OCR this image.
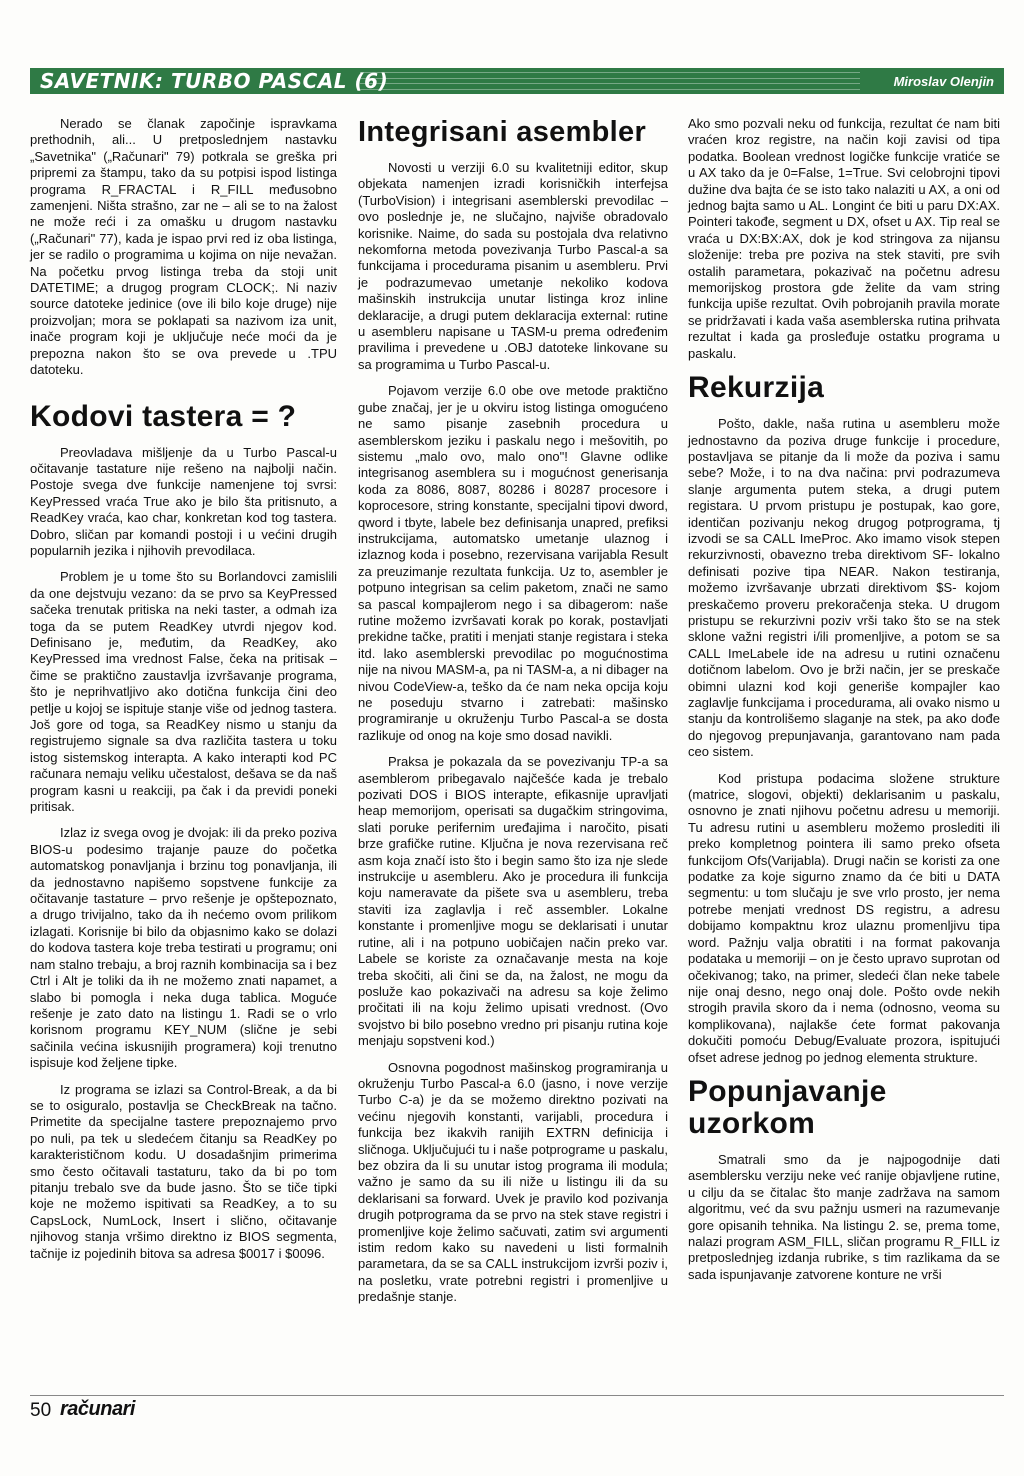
SAVETNIK: TURBO PASCAL (6)	Miroslav Olenjin

Nerado se članak započinje ispravkama prethodnih, ali... U pretposlednjem nastavku „Savetnika" („Računari" 79) potkrala se greška pri pripremi za štampu, tako da su potpisi ispod listinga programa R_FRACTAL i R_FILL međusobno zamenjeni. Ništa strašno, zar ne – ali se to na žalost ne može reći i za omašku u drugom nastavku („Računari" 77), kada je ispao prvi red iz oba listinga, jer se radilo o programima u kojima on nije nevažan. Na početku prvog listinga treba da stoji unit DATETIME; a drugog program CLOCK;. Ni naziv source datoteke jedinice (ove ili bilo koje druge) nije proizvoljan; mora se poklapati sa nazivom iza unit, inače program koji je uključuje neće moći da je prepozna nakon što se ova prevede u .TPU datoteku.

Kodovi tastera = ?

Preovladava mišljenje da u Turbo Pascal-u očitavanje tastature nije rešeno na najbolji način. Postoje svega dve funkcije namenjene toj svrsi: KeyPressed vraća True ako je bilo šta pritisnuto, a ReadKey vraća, kao char, konkretan kod tog tastera. Dobro, sličan par komandi postoji i u većini drugih popularnih jezika i njihovih prevodilaca.

Problem je u tome što su Borlandovci zamislili da one dejstvuju vezano: da se prvo sa KeyPressed sačeka trenutak pritiska na neki taster, a odmah iza toga da se putem ReadKey utvrdi njegov kod. Definisano je, međutim, da ReadKey, ako KeyPressed ima vrednost False, čeka na pritisak – čime se praktično zaustavlja izvršavanje programa, što je neprihvatljivo ako dotična funkcija čini deo petlje u kojoj se ispituje stanje više od jednog tastera. Još gore od toga, sa ReadKey nismo u stanju da registrujemo signale sa dva različita tastera u toku istog sistemskog interapta. A kako interapti kod PC računara nemaju veliku učestalost, dešava se da naš program kasni u reakciji, pa čak i da previdi poneki pritisak.

Izlaz iz svega ovog je dvojak: ili da preko poziva BIOS-u podesimo trajanje pauze do početka automatskog ponavljanja i brzinu tog ponavljanja, ili da jednostavno napišemo sopstvene funkcije za očitavanje tastature – prvo rešenje je opštepoznato, a drugo trivijalno, tako da ih nećemo ovom prilikom izlagati. Korisnije bi bilo da objasnimo kako se dolazi do kodova tastera koje treba testirati u programu; oni nam stalno trebaju, a broj raznih kombinacija sa i bez Ctrl i Alt je toliki da ih ne možemo znati napamet, a slabo bi pomogla i neka duga tablica. Moguće rešenje je zato dato na listingu 1. Radi se o vrlo korisnom programu KEY_NUM (slične je sebi sačinila većina iskusnijih programera) koji trenutno ispisuje kod željene tipke.

Iz programa se izlazi sa Control-Break, a da bi se to osiguralo, postavlja se CheckBreak na tačno. Primetite da specijalne tastere prepoznajemo prvo po nuli, pa tek u sledećem čitanju sa ReadKey po karakterističnom kodu. U dosadašnjim primerima smo često očitavali tastaturu, tako da bi po tom pitanju trebalo sve da bude jasno. Što se tiče tipki koje ne možemo ispitivati sa ReadKey, a to su CapsLock, NumLock, Insert i slično, očitavanje njihovog stanja vršimo direktno iz BIOS segmenta, tačnije iz pojedinih bitova sa adresa $0017 i $0096.

Integrisani asembler

Novosti u verziji 6.0 su kvalitetniji editor, skup objekata namenjen izradi korisničkih interfejsa (TurboVision) i integrisani asemblerski prevodilac – ovo poslednje je, ne slučajno, najviše obradovalo korisnike. Naime, do sada su postojala dva relativno nekomforna metoda povezivanja Turbo Pascal-a sa funkcijama i procedurama pisanim u asembleru. Prvi je podrazumevao umetanje nekoliko kodova mašinskih instrukcija unutar listinga kroz inline deklaracije, a drugi putem deklaracija external: rutine u asembleru napisane u TASM-u prema određenim pravilima i prevedene u .OBJ datoteke linkovane su sa programima u Turbo Pascal-u.

Pojavom verzije 6.0 obe ove metode praktično gube značaj, jer je u okviru istog listinga omogućeno ne samo pisanje zasebnih procedura u asemblerskom jeziku i paskalu nego i mešovitih, po sistemu „malo ovo, malo ono"! Glavne odlike integrisanog asemblera su i mogućnost generisanja koda za 8086, 8087, 80286 i 80287 procesore i koprocesore, string konstante, specijalni tipovi dword, qword i tbyte, labele bez definisanja unapred, prefiksi instrukcijama, automatsko umetanje ulaznog i izlaznog koda i posebno, rezervisana varijabla Result za preuzimanje rezultata funkcija. Uz to, asembler je potpuno integrisan sa celim paketom, znači ne samo sa pascal kompajlerom nego i sa dibagerom: naše rutine možemo izvršavati korak po korak, postavljati prekidne tačke, pratiti i menjati stanje registara i steka itd. lako asemblerski prevodilac po mogućnostima nije na nivou MASM-a, pa ni TASM-a, a ni dibager na nivou CodeView-a, teško da će nam neka opcija koju ne poseduju stvarno i zatrebati: mašinsko programiranje u okruženju Turbo Pascal-a se dosta razlikuje od onog na koje smo dosad navikli.

Praksa je pokazala da se povezivanju TP-a sa asemblerom pribegavalo najčešće kada je trebalo pozivati DOS i BIOS interapte, efikasnije upravljati heap memorijom, operisati sa dugačkim stringovima, slati poruke perifernim uređajima i naročito, pisati brze grafičke rutine. Ključna je nova rezervisana reč asm koja značí isto što i begin samo što iza nje slede instrukcije u asembleru. Ako je procedura ili funkcija koju nameravate da pišete sva u asembleru, treba staviti iza zaglavlja i reč assembler. Lokalne konstante i promenljive mogu se deklarisati i unutar rutine, ali i na potpuno uobičajen način preko var. Labele se koriste za označavanje mesta na koje treba skočiti, ali čini se da, na žalost, ne mogu da posluže kao pokazivači na adresu sa koje želimo pročitati ili na koju želimo upisati vrednost. (Ovo svojstvo bi bilo posebno vredno pri pisanju rutina koje menjaju sopstveni kod.)

Osnovna pogodnost mašinskog programiranja u okruženju Turbo Pascal-a 6.0 (jasno, i nove verzije Turbo C-a) je da se možemo direktno pozivati na većinu njegovih konstanti, varijabli, procedura i funkcija bez ikakvih ranijih EXTRN definicija i sličnoga. Uključujući tu i naše potprograme u paskalu, bez obzira da li su unutar istog programa ili modula; važno je samo da su ili niže u listingu ili da su deklarisani sa forward. Uvek je pravilo kod pozivanja drugih potprograma da se prvo na stek stave registri i promenljive koje želimo sačuvati, zatim svi argumenti istim redom kako su navedeni u listi formalnih parametara, da se sa CALL instrukcijom izvrši poziv i, na posletku, vrate potrebni registri i promenljive u predašnje stanje.

Ako smo pozvali neku od funkcija, rezultat će nam biti vraćen kroz registre, na način koji zavisi od tipa podatka. Boolean vrednost logičke funkcije vratiće se u AX tako da je 0=False, 1=True. Svi celobrojni tipovi dužine dva bajta će se isto tako nalaziti u AX, a oni od jednog bajta samo u AL. Longint će biti u paru DX:AX. Pointeri takođe, segment u DX, ofset u AX. Tip real se vraća u DX:BX:AX, dok je kod stringova za nijansu složenije: treba pre poziva na stek staviti, pre svih ostalih parametara, pokazivač na početnu adresu memorijskog prostora gde želite da vam string funkcija upiše rezultat. Ovih pobrojanih pravila morate se pridržavati i kada vaša asemblerska rutina prihvata rezultat i kada ga prosleđuje ostatku programa u paskalu.

Rekurzija

Pošto, dakle, naša rutina u asembleru može jednostavno da poziva druge funkcije i procedure, postavljava se pitanje da li može da poziva i samu sebe? Može, i to na dva načina: prvi podrazumeva slanje argumenta putem steka, a drugi putem registara. U prvom pristupu je postupak, kao gore, identičan pozivanju nekog drugog potprograma, tj izvodi se sa CALL ImeProc. Ako imamo visok stepen rekurzivnosti, obavezno treba direktivom SF- lokalno definisati pozive tipa NEAR. Nakon testiranja, možemo izvršavanje ubrzati direktivom $S- kojom preskačemo proveru prekoračenja steka. U drugom pristupu se rekurzivni poziv vrši tako što se na stek sklone važni registri i/ili promenljive, a potom se sa CALL ImeLabele ide na adresu u rutini označenu dotičnom labelom. Ovo je brži način, jer se preskače obimni ulazni kod koji generiše kompajler kao zaglavlje funkcijama i procedurama, ali ovako nismo u stanju da kontrolišemo slaganje na stek, pa ako dođe do njegovog prepunjavanja, garantovano nam pada ceo sistem.

Kod pristupa podacima složene strukture (matrice, slogovi, objekti) deklarisanim u paskalu, osnovno je znati njihovu početnu adresu u memoriji. Tu adresu rutini u asembleru možemo proslediti ili preko kompletnog pointera ili samo preko ofseta funkcijom Ofs(Varijabla). Drugi način se koristi za one podatke za koje sigurno znamo da će biti u DATA segmentu: u tom slučaju je sve vrlo prosto, jer nema potrebe menjati vrednost DS registru, a adresu dobijamo kompaktnu kroz ulaznu promenljivu tipa word. Pažnju valja obratiti i na format pakovanja podataka u memoriji – on je često upravo suprotan od očekivanog; tako, na primer, sledeći član neke tabele nije onaj desno, nego onaj dole. Pošto ovde nekih strogih pravila skoro da i nema (odnosno, veoma su komplikovana), najlakše ćete format pakovanja dokučiti pomoću Debug/Evaluate prozora, ispitujući ofset adrese jednog po jednog elementa strukture.

Popunjavanje uzorkom

Smatrali smo da je najpogodnije dati asemblersku verziju neke već ranije objavljene rutine, u cilju da se čitalac što manje zadržava na samom algoritmu, već da svu pažnju usmeri na razumevanje gore opisanih tehnika. Na listingu 2. se, prema tome, nalazi program ASM_FILL, sličan programu R_FILL iz pretposlednjeg izdanja rubrike, s tim razlikama da se sada ispunjavanje zatvorene konture ne vrši

50 računari
